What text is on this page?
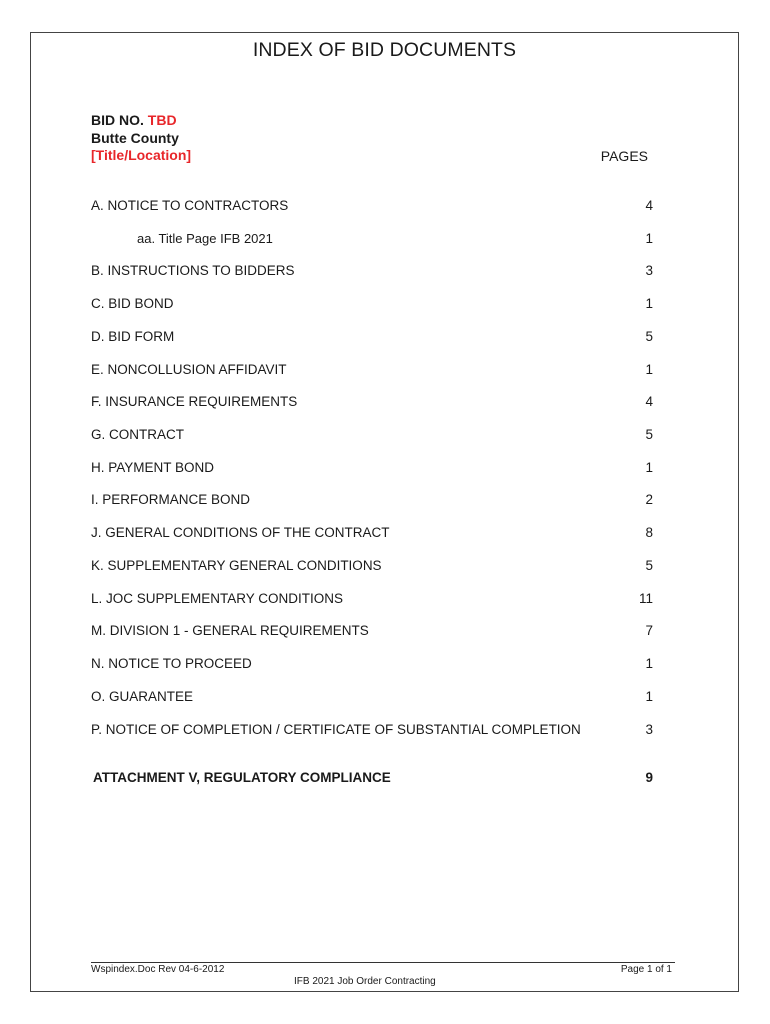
INDEX OF BID DOCUMENTS
BID NO. TBD
Butte County
[Title/Location]	PAGES
A. NOTICE TO CONTRACTORS	4
aa. Title Page IFB 2021	1
B. INSTRUCTIONS TO BIDDERS	3
C. BID BOND	1
D. BID FORM	5
E. NONCOLLUSION AFFIDAVIT	1
F. INSURANCE REQUIREMENTS	4
G. CONTRACT	5
H. PAYMENT BOND	1
I. PERFORMANCE BOND	2
J. GENERAL CONDITIONS OF THE CONTRACT	8
K. SUPPLEMENTARY GENERAL CONDITIONS	5
L. JOC SUPPLEMENTARY CONDITIONS	11
M. DIVISION 1 - GENERAL REQUIREMENTS	7
N. NOTICE TO PROCEED	1
O. GUARANTEE	1
P. NOTICE OF COMPLETION / CERTIFICATE OF SUBSTANTIAL COMPLETION	3
ATTACHMENT V, REGULATORY COMPLIANCE	9
Wspindex.Doc Rev 04-6-2012	Page 1 of 1
IFB 2021 Job Order Contracting
